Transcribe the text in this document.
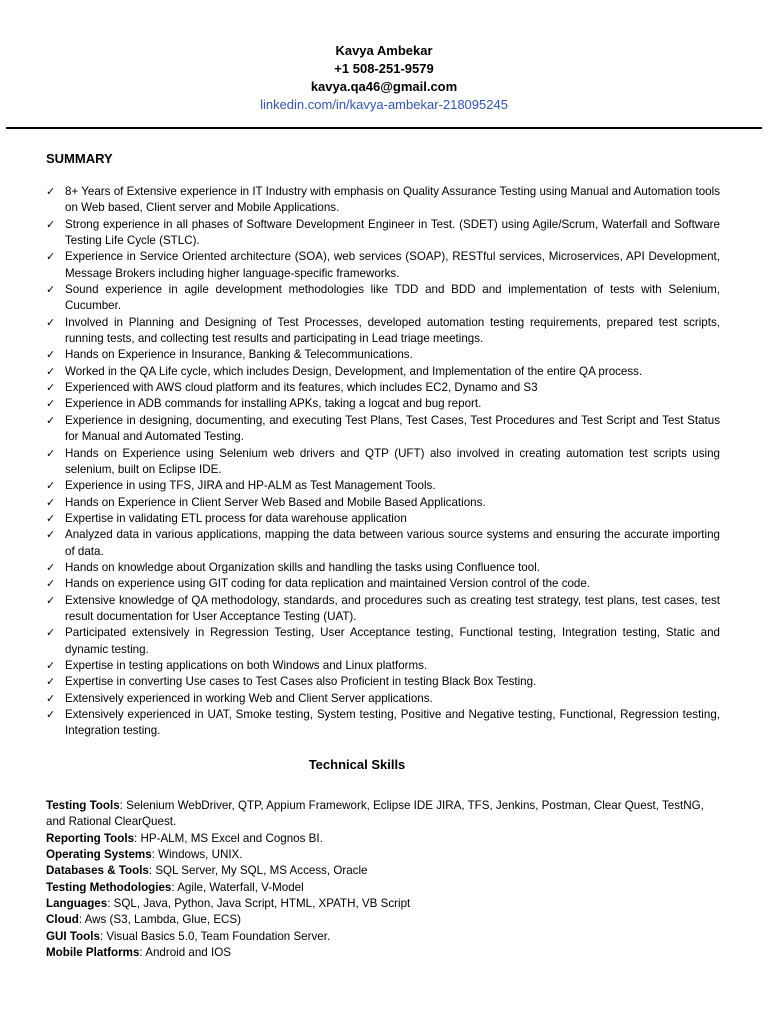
Kavya Ambekar
+1 508-251-9579
kavya.qa46@gmail.com
linkedin.com/in/kavya-ambekar-218095245
SUMMARY
✓ 8+ Years of Extensive experience in IT Industry with emphasis on Quality Assurance Testing using Manual and Automation tools on Web based, Client server and Mobile Applications.
✓ Strong experience in all phases of Software Development Engineer in Test. (SDET) using Agile/Scrum, Waterfall and Software Testing Life Cycle (STLC).
✓ Experience in Service Oriented architecture (SOA), web services (SOAP), RESTful services, Microservices, API Development, Message Brokers including higher language-specific frameworks.
✓ Sound experience in agile development methodologies like TDD and BDD and implementation of tests with Selenium, Cucumber.
✓ Involved in Planning and Designing of Test Processes, developed automation testing requirements, prepared test scripts, running tests, and collecting test results and participating in Lead triage meetings.
✓ Hands on Experience in Insurance, Banking & Telecommunications.
✓ Worked in the QA Life cycle, which includes Design, Development, and Implementation of the entire QA process.
✓ Experienced with AWS cloud platform and its features, which includes EC2, Dynamo and S3
✓ Experience in ADB commands for installing APKs, taking a logcat and bug report.
✓ Experience in designing, documenting, and executing Test Plans, Test Cases, Test Procedures and Test Script and Test Status for Manual and Automated Testing.
✓ Hands on Experience using Selenium web drivers and QTP (UFT) also involved in creating automation test scripts using selenium, built on Eclipse IDE.
✓ Experience in using TFS, JIRA and HP-ALM as Test Management Tools.
✓ Hands on Experience in Client Server Web Based and Mobile Based Applications.
✓ Expertise in validating ETL process for data warehouse application
✓ Analyzed data in various applications, mapping the data between various source systems and ensuring the accurate importing of data.
✓ Hands on knowledge about Organization skills and handling the tasks using Confluence tool.
✓ Hands on experience using GIT coding for data replication and maintained Version control of the code.
✓ Extensive knowledge of QA methodology, standards, and procedures such as creating test strategy, test plans, test cases, test result documentation for User Acceptance Testing (UAT).
✓ Participated extensively in Regression Testing, User Acceptance testing, Functional testing, Integration testing, Static and dynamic testing.
✓ Expertise in testing applications on both Windows and Linux platforms.
✓ Expertise in converting Use cases to Test Cases also Proficient in testing Black Box Testing.
✓ Extensively experienced in working Web and Client Server applications.
✓ Extensively experienced in UAT, Smoke testing, System testing, Positive and Negative testing, Functional, Regression testing, Integration testing.
Technical Skills
Testing Tools: Selenium WebDriver, QTP, Appium Framework, Eclipse IDE JIRA, TFS, Jenkins, Postman, Clear Quest, TestNG, and Rational ClearQuest.
Reporting Tools: HP-ALM, MS Excel and Cognos BI.
Operating Systems: Windows, UNIX.
Databases & Tools: SQL Server, My SQL, MS Access, Oracle
Testing Methodologies: Agile, Waterfall, V-Model
Languages: SQL, Java, Python, Java Script, HTML, XPATH, VB Script
Cloud: Aws (S3, Lambda, Glue, ECS)
GUI Tools: Visual Basics 5.0, Team Foundation Server.
Mobile Platforms: Android and IOS
